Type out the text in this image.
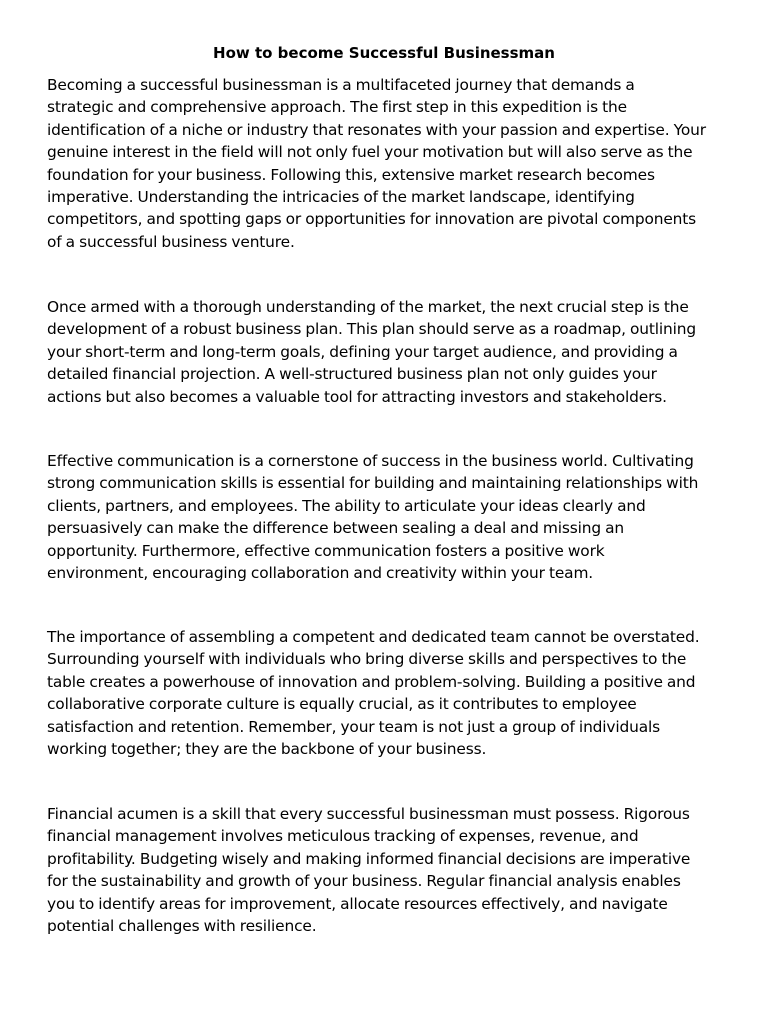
How to become Successful Businessman

Becoming a successful businessman is a multifaceted journey that demands a
strategic and comprehensive approach. The first step in this expedition is the
identification of a niche or industry that resonates with your passion and expertise. Your
genuine interest in the field will not only fuel your motivation but will also serve as the
foundation for your business. Following this, extensive market research becomes
imperative. Understanding the intricacies of the market landscape, identifying
competitors, and spotting gaps or opportunities for innovation are pivotal components
of a successful business venture.

Once armed with a thorough understanding of the market, the next crucial step is the
development of a robust business plan. This plan should serve as a roadmap, outlining
your short-term and long-term goals, defining your target audience, and providing a
detailed financial projection. A well-structured business plan not only guides your
actions but also becomes a valuable tool for attracting investors and stakeholders.

Effective communication is a cornerstone of success in the business world. Cultivating
strong communication skills is essential for building and maintaining relationships with
clients, partners, and employees. The ability to articulate your ideas clearly and
persuasively can make the difference between sealing a deal and missing an
opportunity. Furthermore, effective communication fosters a positive work
environment, encouraging collaboration and creativity within your team.

The importance of assembling a competent and dedicated team cannot be overstated.
Surrounding yourself with individuals who bring diverse skills and perspectives to the
table creates a powerhouse of innovation and problem-solving. Building a positive and
collaborative corporate culture is equally crucial, as it contributes to employee
satisfaction and retention. Remember, your team is not just a group of individuals
working together; they are the backbone of your business.

Financial acumen is a skill that every successful businessman must possess. Rigorous
financial management involves meticulous tracking of expenses, revenue, and
profitability. Budgeting wisely and making informed financial decisions are imperative
for the sustainability and growth of your business. Regular financial analysis enables
you to identify areas for improvement, allocate resources effectively, and navigate
potential challenges with resilience.
